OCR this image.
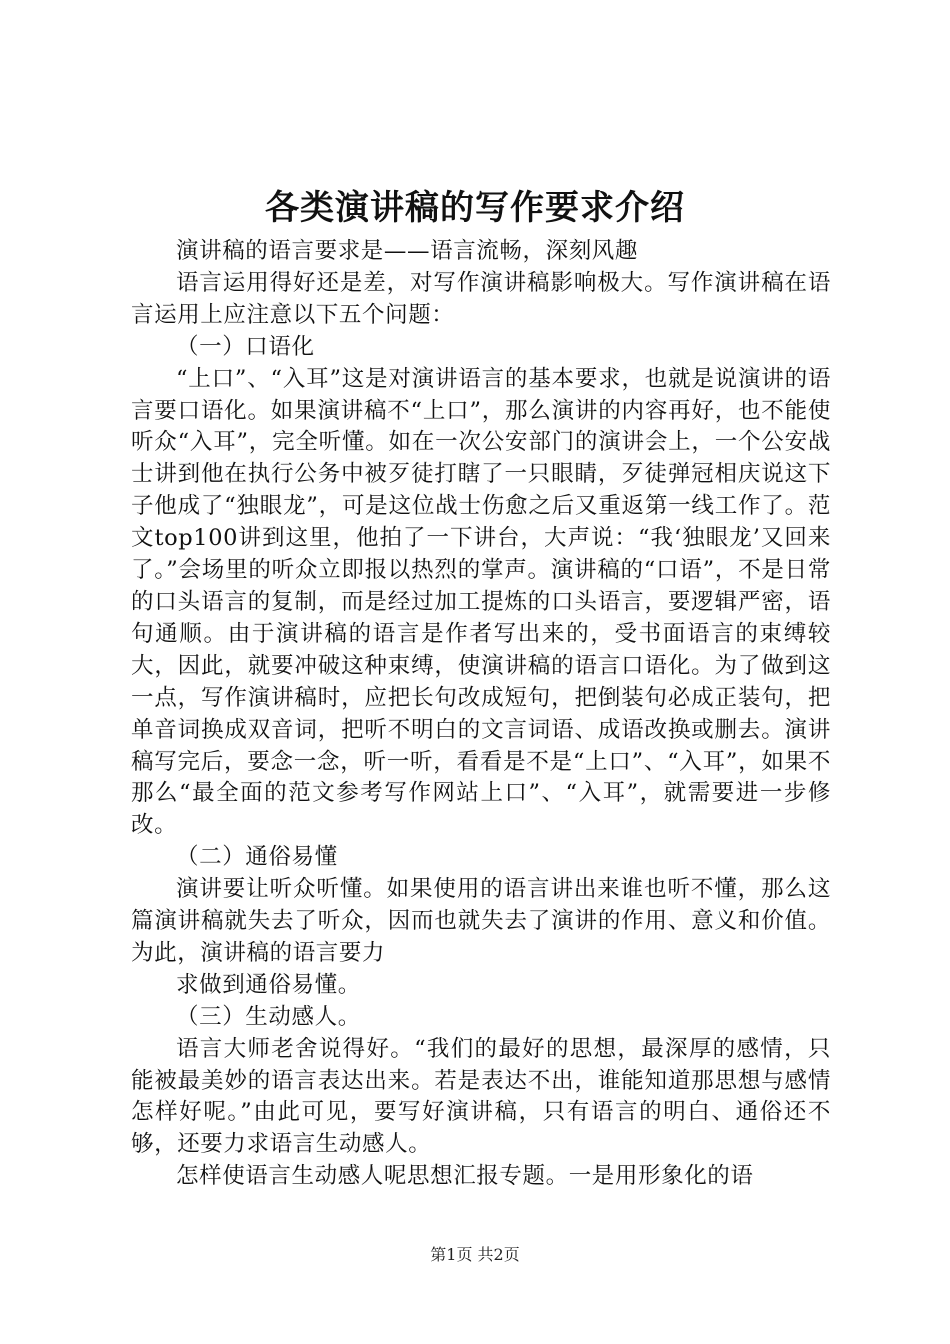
各类演讲稿的写作要求介绍

演讲稿的语言要求是——语言流畅，深刻风趣

语言运用得好还是差，对写作演讲稿影响极大。写作演讲稿在语言运用上应注意以下五个问题：

（一）口语化

“上口”、“入耳”这是对演讲语言的基本要求，也就是说演讲的语言要口语化。如果演讲稿不“上口”，那么演讲的内容再好，也不能使听众“入耳”，完全听懂。如在一次公安部门的演讲会上，一个公安战士讲到他在执行公务中被歹徒打瞎了一只眼睛，歹徒弹冠相庆说这下子他成了“独眼龙”，可是这位战士伤愈之后又重返第一线工作了。范文top100讲到这里，他拍了一下讲台，大声说：“我‘独眼龙’又回来了。”会场里的听众立即报以热烈的掌声。演讲稿的“口语”，不是日常的口头语言的复制，而是经过加工提炼的口头语言，要逻辑严密，语句通顺。由于演讲稿的语言是作者写出来的，受书面语言的束缚较大，因此，就要冲破这种束缚，使演讲稿的语言口语化。为了做到这一点，写作演讲稿时，应把长句改成短句，把倒装句必成正装句，把单音词换成双音词，把听不明白的文言词语、成语改换或删去。演讲稿写完后，要念一念，听一听，看看是不是“上口”、“入耳”，如果不那么“最全面的范文参考写作网站上口”、“入耳”，就需要进一步修改。

（二）通俗易懂

演讲要让听众听懂。如果使用的语言讲出来谁也听不懂，那么这篇演讲稿就失去了听众，因而也就失去了演讲的作用、意义和价值。为此，演讲稿的语言要力

求做到通俗易懂。

（三）生动感人。

语言大师老舍说得好。“我们的最好的思想，最深厚的感情，只能被最美妙的语言表达出来。若是表达不出，谁能知道那思想与感情怎样好呢。”由此可见，要写好演讲稿，只有语言的明白、通俗还不够，还要力求语言生动感人。

怎样使语言生动感人呢思想汇报专题。一是用形象化的语

第1页 共2页
